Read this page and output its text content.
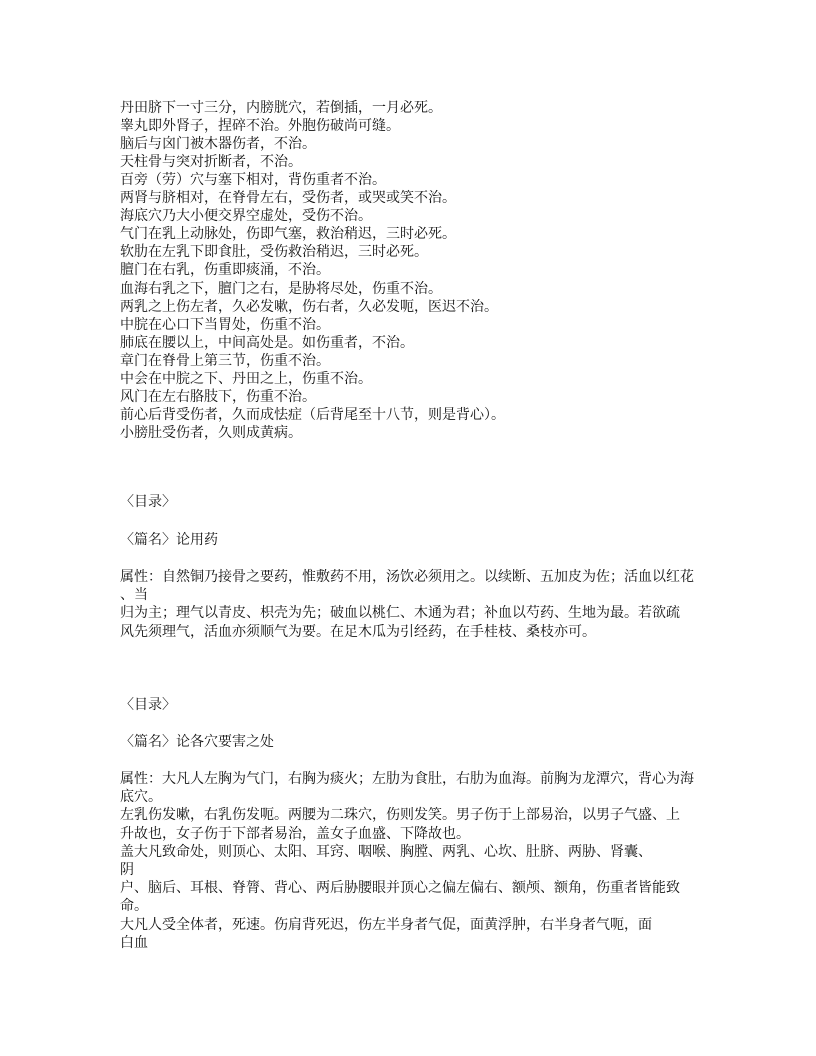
丹田脐下一寸三分，内膀胱穴，若倒插，一月必死。
睾丸即外肾子，捏碎不治。外胞伤破尚可缝。
脑后与囟门被木器伤者，不治。
天柱骨与突对折断者，不治。
百旁（劳）穴与塞下相对，背伤重者不治。
两肾与脐相对，在脊骨左右，受伤者，或哭或笑不治。
海底穴乃大小便交界空虚处，受伤不治。
气门在乳上动脉处，伤即气塞，救治稍迟，三时必死。
软肋在左乳下即食肚，受伤救治稍迟，三时必死。
膻门在右乳，伤重即痰涌，不治。
血海右乳之下，膻门之右，是胁将尽处，伤重不治。
两乳之上伤左者，久必发嗽，伤右者，久必发呃，医迟不治。
中脘在心口下当胃处，伤重不治。
肺底在腰以上，中间高处是。如伤重者，不治。
章门在脊骨上第三节，伤重不治。
中会在中脘之下、丹田之上，伤重不治。
风门在左右胳肢下，伤重不治。
前心后背受伤者，久而成怯症（后背尾至十八节，则是背心）。
小膀肚受伤者，久则成黄病。
〈目录〉
〈篇名〉论用药
属性：自然铜乃接骨之要药，惟敷药不用，汤饮必须用之。以续断、五加皮为佐；活血以红花
、当
归为主；理气以青皮、枳壳为先；破血以桃仁、木通为君；补血以芍药、生地为最。若欲疏
风先须理气，活血亦须顺气为要。在足木瓜为引经药，在手桂枝、桑枝亦可。
〈目录〉
〈篇名〉论各穴要害之处
属性：大凡人左胸为气门，右胸为痰火；左肋为食肚，右肋为血海。前胸为龙潭穴，背心为海
底穴。
左乳伤发嗽，右乳伤发呃。两腰为二珠穴，伤则发笑。男子伤于上部易治，以男子气盛、上
升故也，女子伤于下部者易治，盖女子血盛、下降故也。
盖大凡致命处，则顶心、太阳、耳窍、咽喉、胸膛、两乳、心坎、肚脐、两胁、肾囊、
阴
户、脑后、耳根、脊膂、背心、两后胁腰眼并顶心之偏左偏右、额颅、额角，伤重者皆能致
命。
大凡人受全体者，死速。伤肩背死迟，伤左半身者气促，面黄浮肿，右半身者气呃，面
白血
